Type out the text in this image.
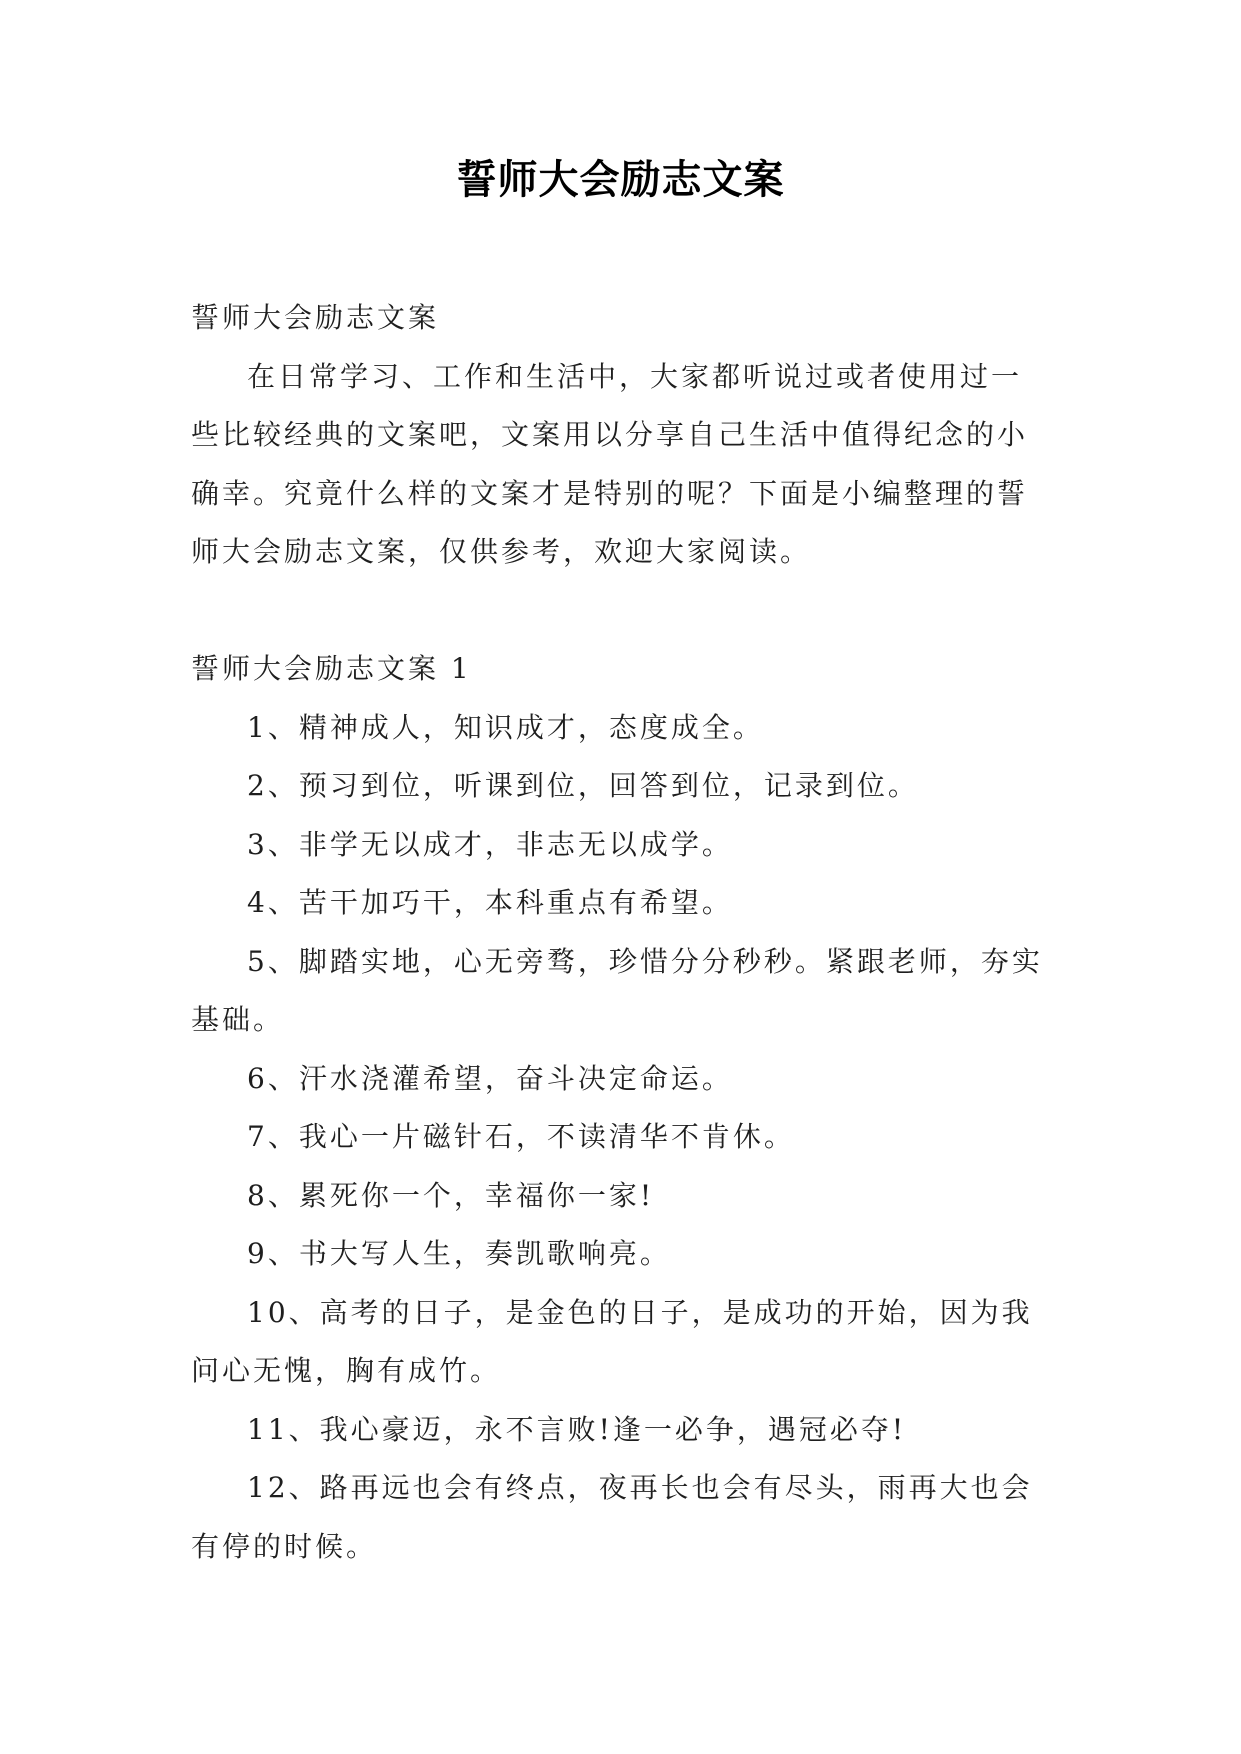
誓师大会励志文案

誓师大会励志文案

在日常学习、工作和生活中，大家都听说过或者使用过一些比较经典的文案吧，文案用以分享自己生活中值得纪念的小确幸。究竟什么样的文案才是特别的呢？下面是小编整理的誓师大会励志文案，仅供参考，欢迎大家阅读。

誓师大会励志文案 1

1、精神成人，知识成才，态度成全。

2、预习到位，听课到位，回答到位，记录到位。

3、非学无以成才，非志无以成学。

4、苦干加巧干，本科重点有希望。

5、脚踏实地，心无旁骛，珍惜分分秒秒。紧跟老师，夯实基础。

6、汗水浇灌希望，奋斗决定命运。

7、我心一片磁针石，不读清华不肯休。

8、累死你一个，幸福你一家!

9、书大写人生，奏凯歌响亮。

10、高考的日子，是金色的日子，是成功的开始，因为我问心无愧，胸有成竹。

11、我心豪迈，永不言败!逢一必争，遇冠必夺!

12、路再远也会有终点，夜再长也会有尽头，雨再大也会有停的时候。
